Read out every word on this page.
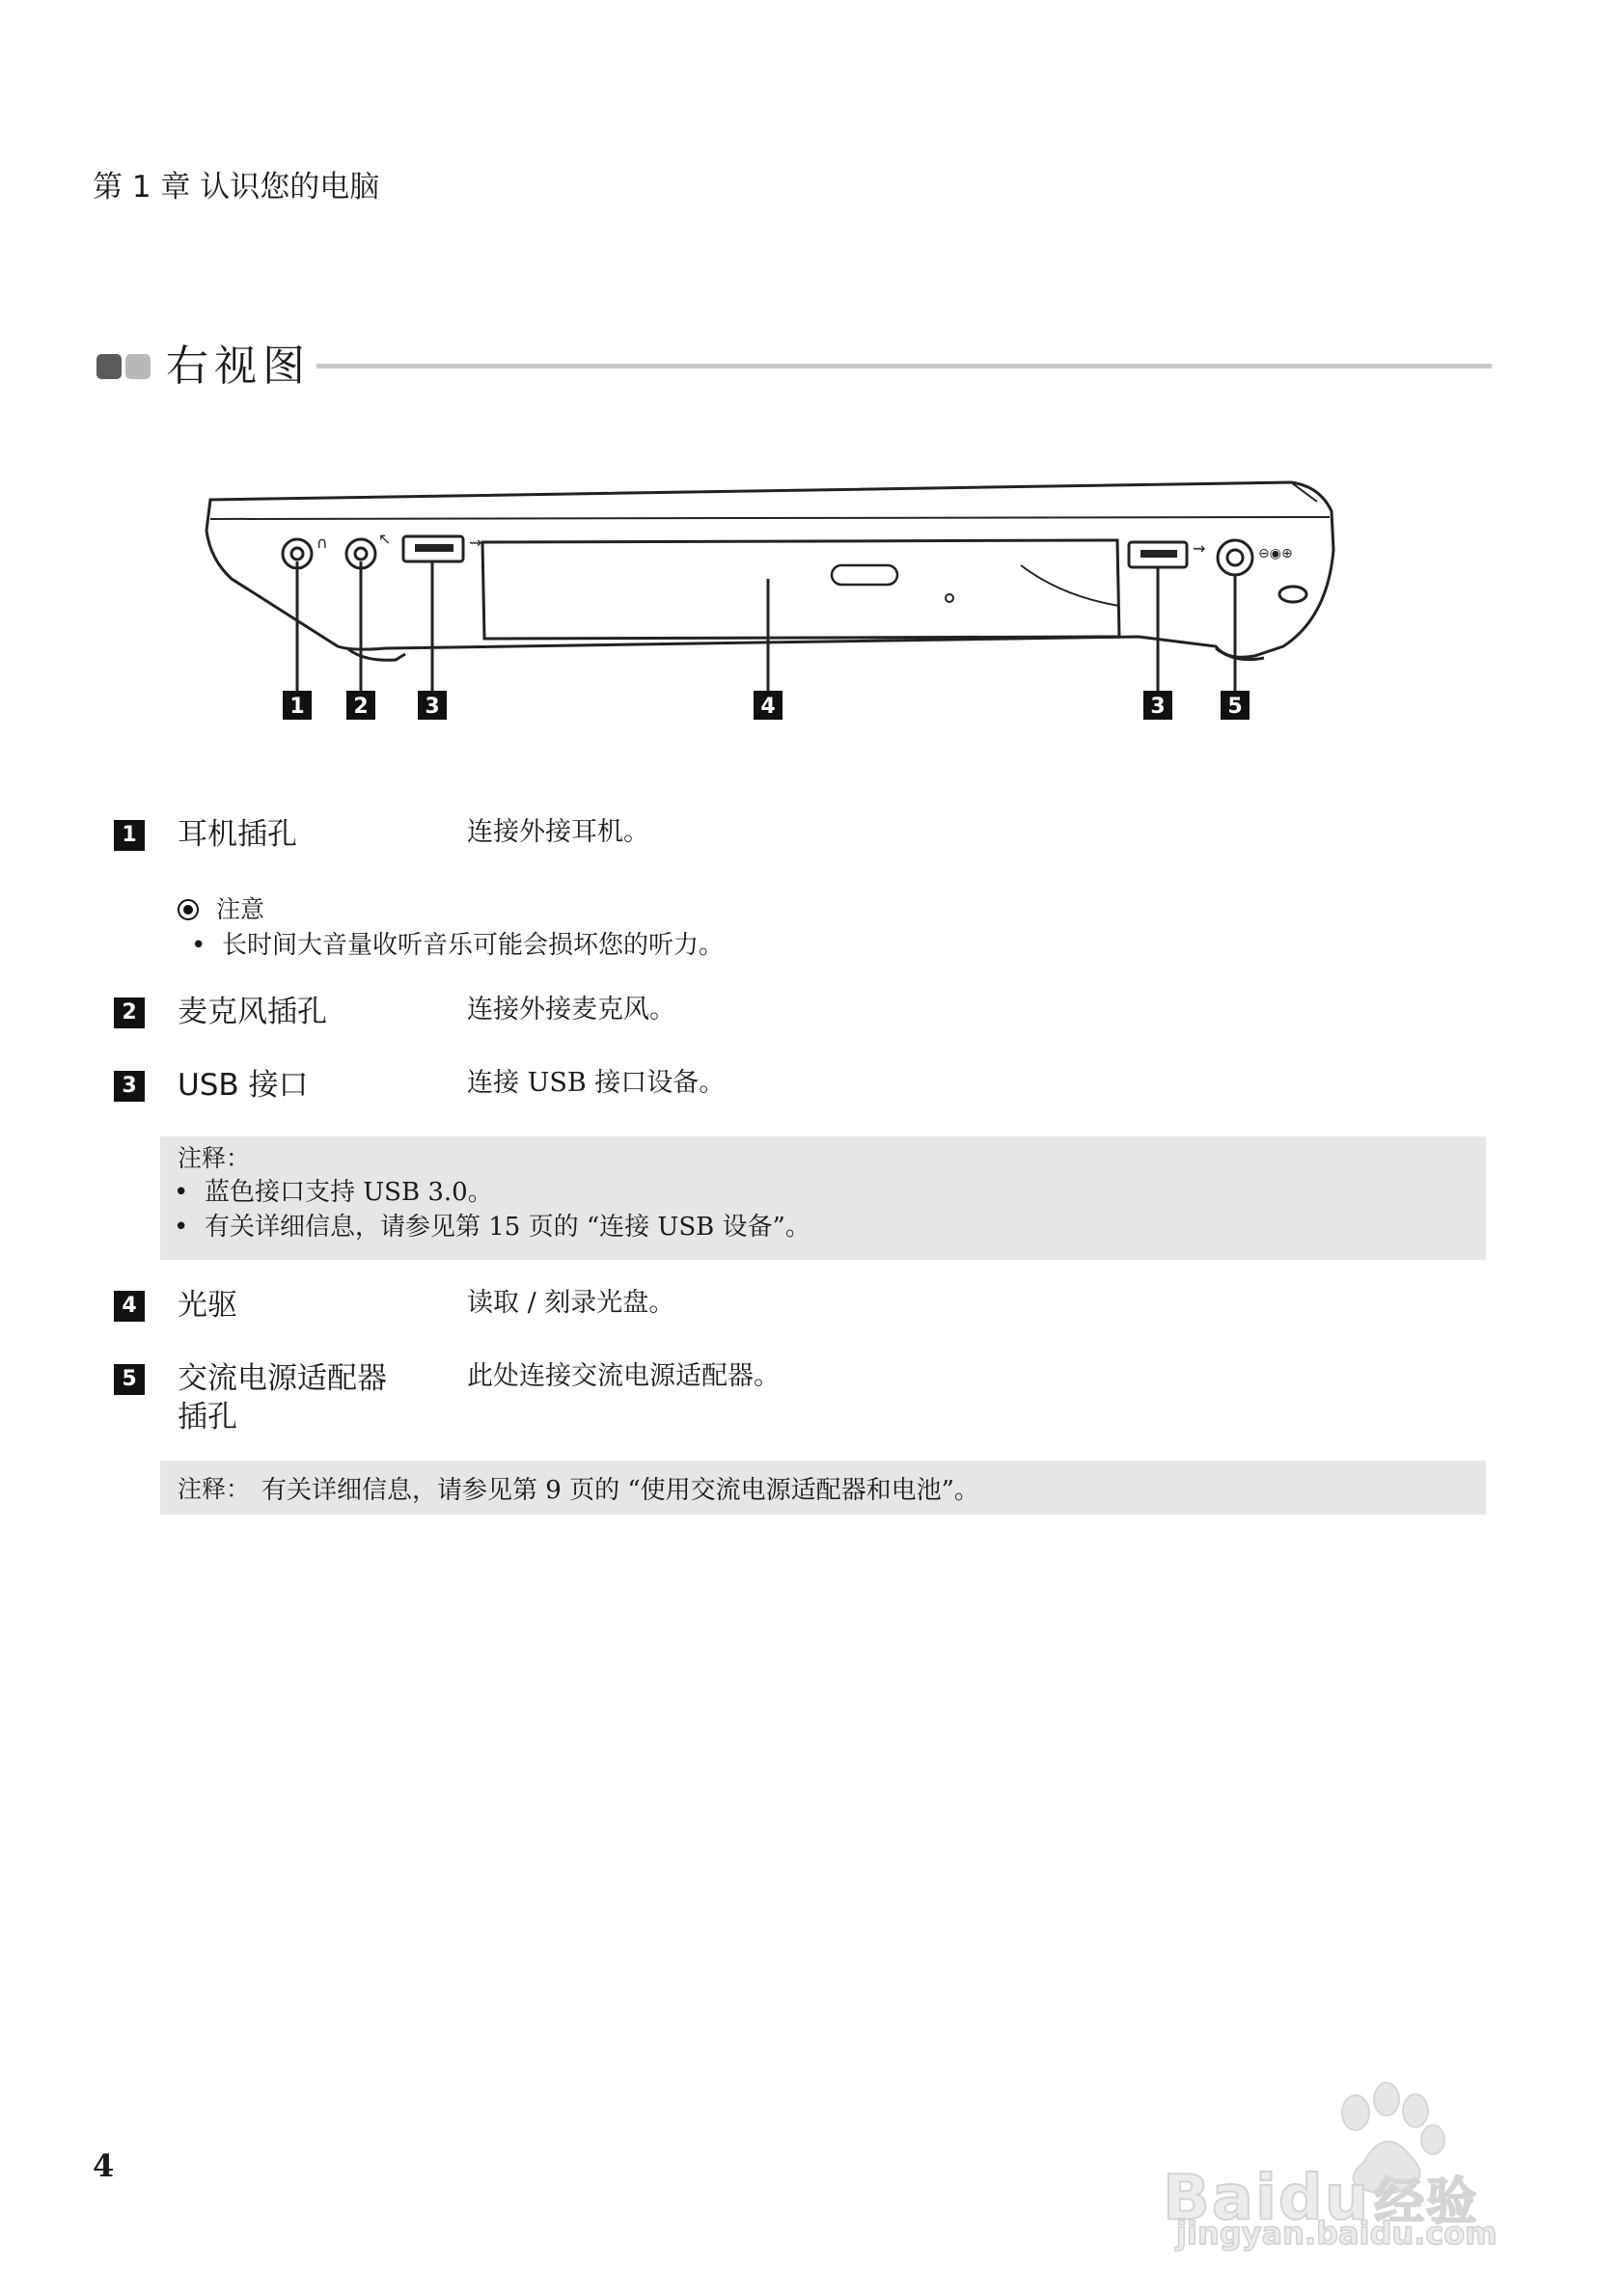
第 1 章 认识您的电脑
右视图
∩	↖	⇝	⇝	⊖◉⊕
1 2	3	4	3	5
1 耳机插孔	连接外接耳机。
注意
• 长时间大音量收听音乐可能会损坏您的听力。
2 麦克风插孔	连接外接麦克风。
3 USB 接口	连接 USB 接口设备。
注释：
• 蓝色接口支持 USB 3.0。
• 有关详细信息，请参见第 15 页的 “连接 USB 设备”。
4 光驱	读取 / 刻录光盘。
5 交流电源适配器
插孔
此处连接交流电源适配器。
注释： 有关详细信息，请参见第 9 页的 “使用交流电源适配器和电池”。
4	Baidu经验
jingyan.baidu.com
